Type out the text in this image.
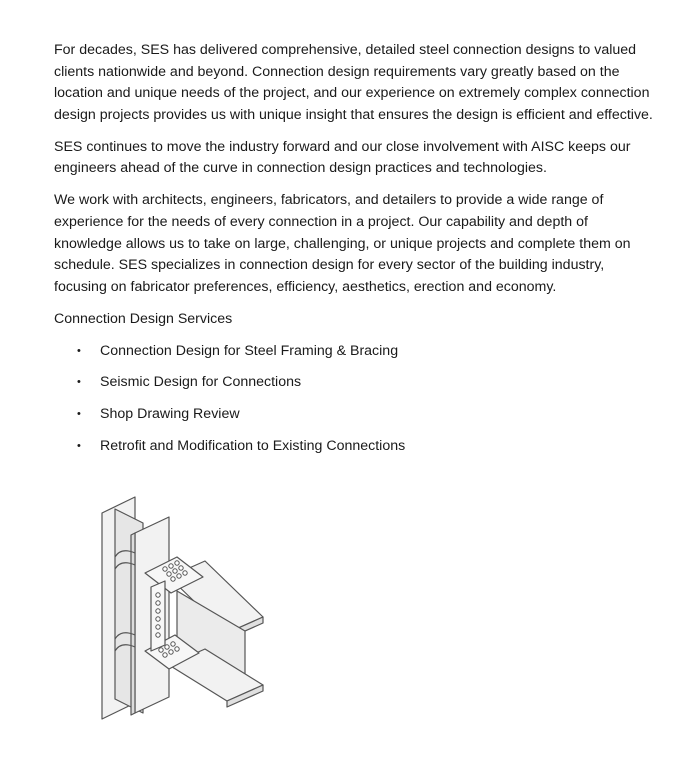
For decades, SES has delivered comprehensive, detailed steel connection designs to valued clients nationwide and beyond. Connection design requirements vary greatly based on the location and unique needs of the project, and our experience on extremely complex connection design projects provides us with unique insight that ensures the design is efficient and effective.

SES continues to move the industry forward and our close involvement with AISC keeps our engineers ahead of the curve in connection design practices and technologies.

We work with architects, engineers, fabricators, and detailers to provide a wide range of experience for the needs of every connection in a project. Our capability and depth of knowledge allows us to take on large, challenging, or unique projects and complete them on schedule. SES specializes in connection design for every sector of the building industry, focusing on fabricator preferences, efficiency, aesthetics, erection and economy.

Connection Design Services

• Connection Design for Steel Framing & Bracing
• Seismic Design for Connections
• Shop Drawing Review
• Retrofit and Modification to Existing Connections
